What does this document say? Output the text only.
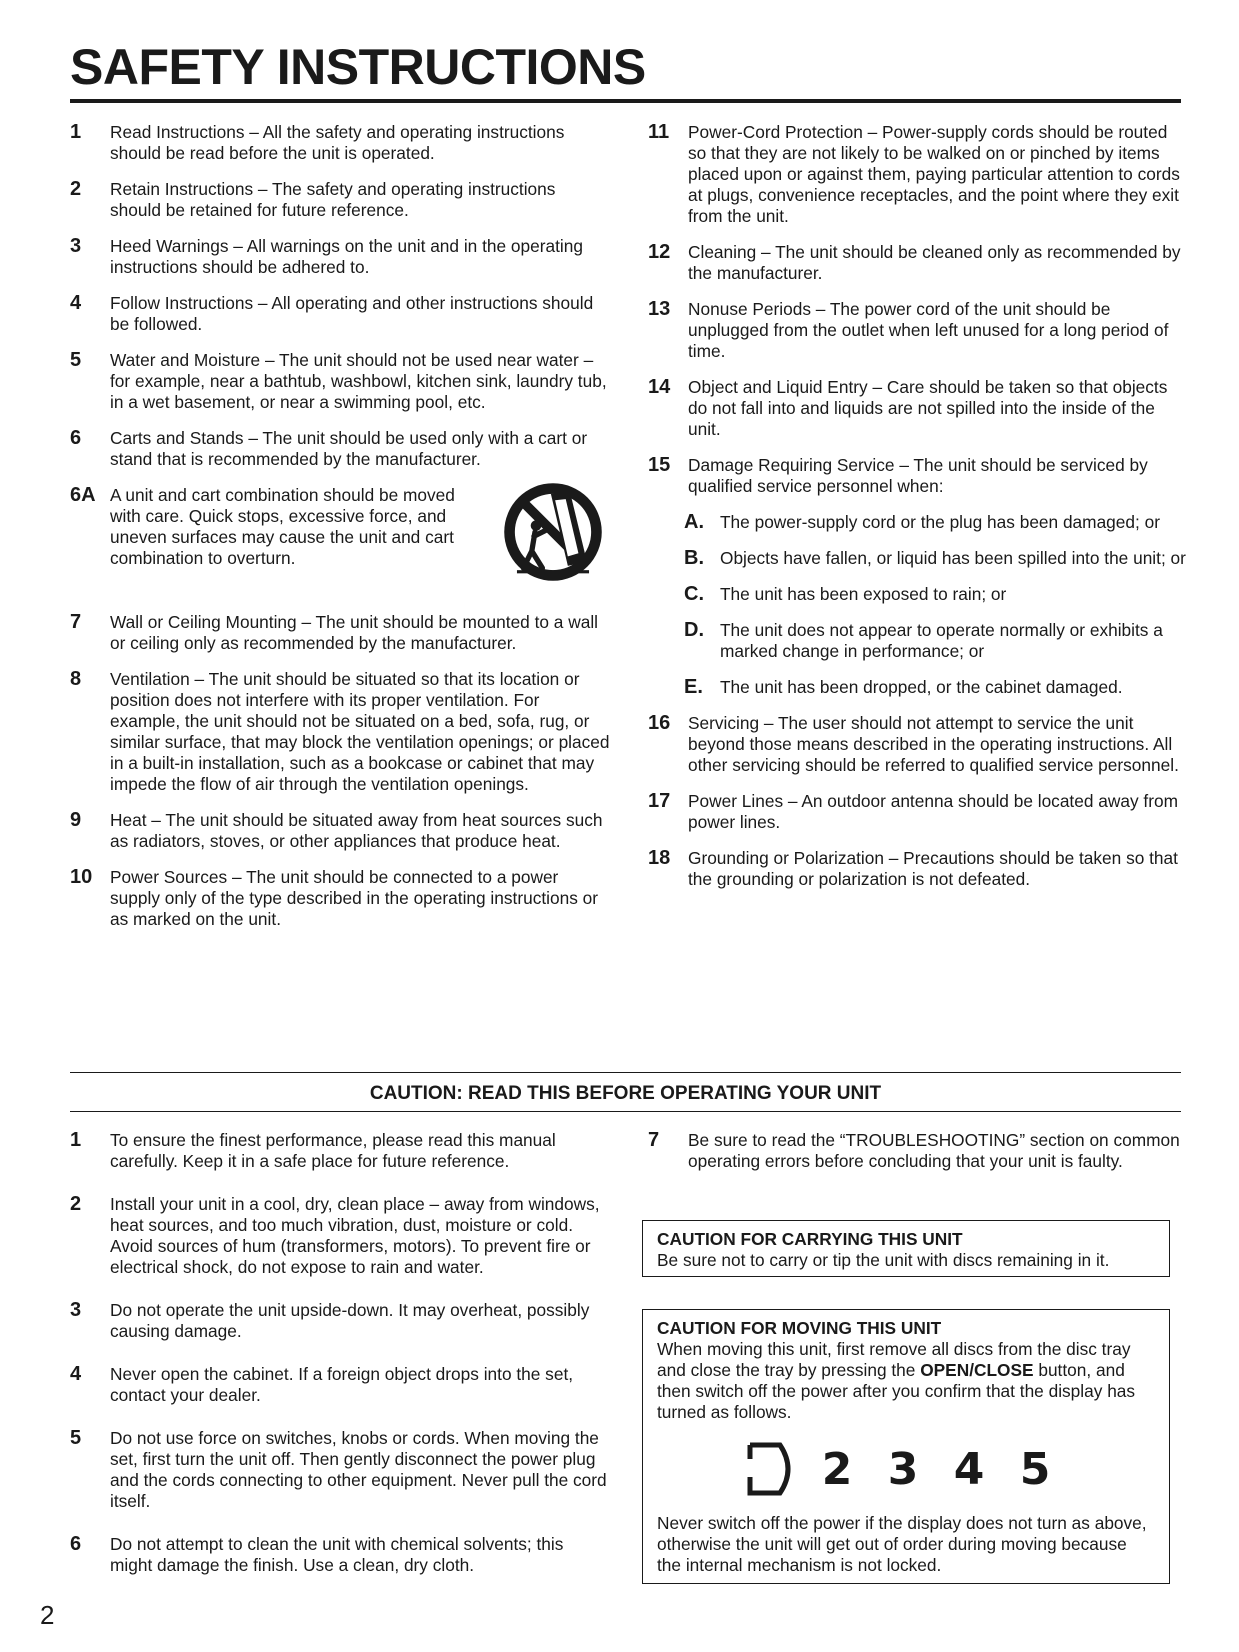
SAFETY INSTRUCTIONS
1	Read Instructions – All the safety and operating instructions should be read before the unit is operated.
2	Retain Instructions – The safety and operating instructions should be retained for future reference.
3	Heed Warnings – All warnings on the unit and in the operating instructions should be adhered to.
4	Follow Instructions – All operating and other instructions should be followed.
5	Water and Moisture – The unit should not be used near water – for example, near a bathtub, washbowl, kitchen sink, laundry tub, in a wet basement, or near a swimming pool, etc.
6	Carts and Stands – The unit should be used only with a cart or stand that is recommended by the manufacturer.
6A A unit and cart combination should be moved with care. Quick stops, excessive force, and uneven surfaces may cause the unit and cart combination to overturn.
7	Wall or Ceiling Mounting – The unit should be mounted to a wall or ceiling only as recommended by the manufacturer.
8	Ventilation – The unit should be situated so that its location or position does not interfere with its proper ventilation. For example, the unit should not be situated on a bed, sofa, rug, or similar surface, that may block the ventilation openings; or placed in a built-in installation, such as a bookcase or cabinet that may impede the flow of air through the ventilation openings.
9	Heat – The unit should be situated away from heat sources such as radiators, stoves, or other appliances that produce heat.
10	Power Sources – The unit should be connected to a power supply only of the type described in the operating instructions or as marked on the unit.
11	Power-Cord Protection – Power-supply cords should be routed so that they are not likely to be walked on or pinched by items placed upon or against them, paying particular attention to cords at plugs, convenience receptacles, and the point where they exit from the unit.
12	Cleaning – The unit should be cleaned only as recommended by the manufacturer.
13	Nonuse Periods – The power cord of the unit should be unplugged from the outlet when left unused for a long period of time.
14	Object and Liquid Entry – Care should be taken so that objects do not fall into and liquids are not spilled into the inside of the unit.
15	Damage Requiring Service – The unit should be serviced by qualified service personnel when:
A. The power-supply cord or the plug has been damaged; or
B. Objects have fallen, or liquid has been spilled into the unit; or
C. The unit has been exposed to rain; or
D. The unit does not appear to operate normally or exhibits a marked change in performance; or
E. The unit has been dropped, or the cabinet damaged.
16	Servicing – The user should not attempt to service the unit beyond those means described in the operating instructions. All other servicing should be referred to qualified service personnel.
17	Power Lines – An outdoor antenna should be located away from power lines.
18	Grounding or Polarization – Precautions should be taken so that the grounding or polarization is not defeated.
CAUTION: READ THIS BEFORE OPERATING YOUR UNIT
1	To ensure the finest performance, please read this manual carefully. Keep it in a safe place for future reference.
2	Install your unit in a cool, dry, clean place – away from windows, heat sources, and too much vibration, dust, moisture or cold. Avoid sources of hum (transformers, motors). To prevent fire or electrical shock, do not expose to rain and water.
3	Do not operate the unit upside-down. It may overheat, possibly causing damage.
4	Never open the cabinet. If a foreign object drops into the set, contact your dealer.
5	Do not use force on switches, knobs or cords. When moving the set, first turn the unit off. Then gently disconnect the power plug and the cords connecting to other equipment. Never pull the cord itself.
6	Do not attempt to clean the unit with chemical solvents; this might damage the finish. Use a clean, dry cloth.
7	Be sure to read the “TROUBLESHOOTING” section on common operating errors before concluding that your unit is faulty.
CAUTION FOR CARRYING THIS UNIT
Be sure not to carry or tip the unit with discs remaining in it.
CAUTION FOR MOVING THIS UNIT
When moving this unit, first remove all discs from the disc tray and close the tray by pressing the OPEN/CLOSE button, and then switch off the power after you confirm that the display has turned as follows.
2 3 4 5
Never switch off the power if the display does not turn as above, otherwise the unit will get out of order during moving because the internal mechanism is not locked.
2
